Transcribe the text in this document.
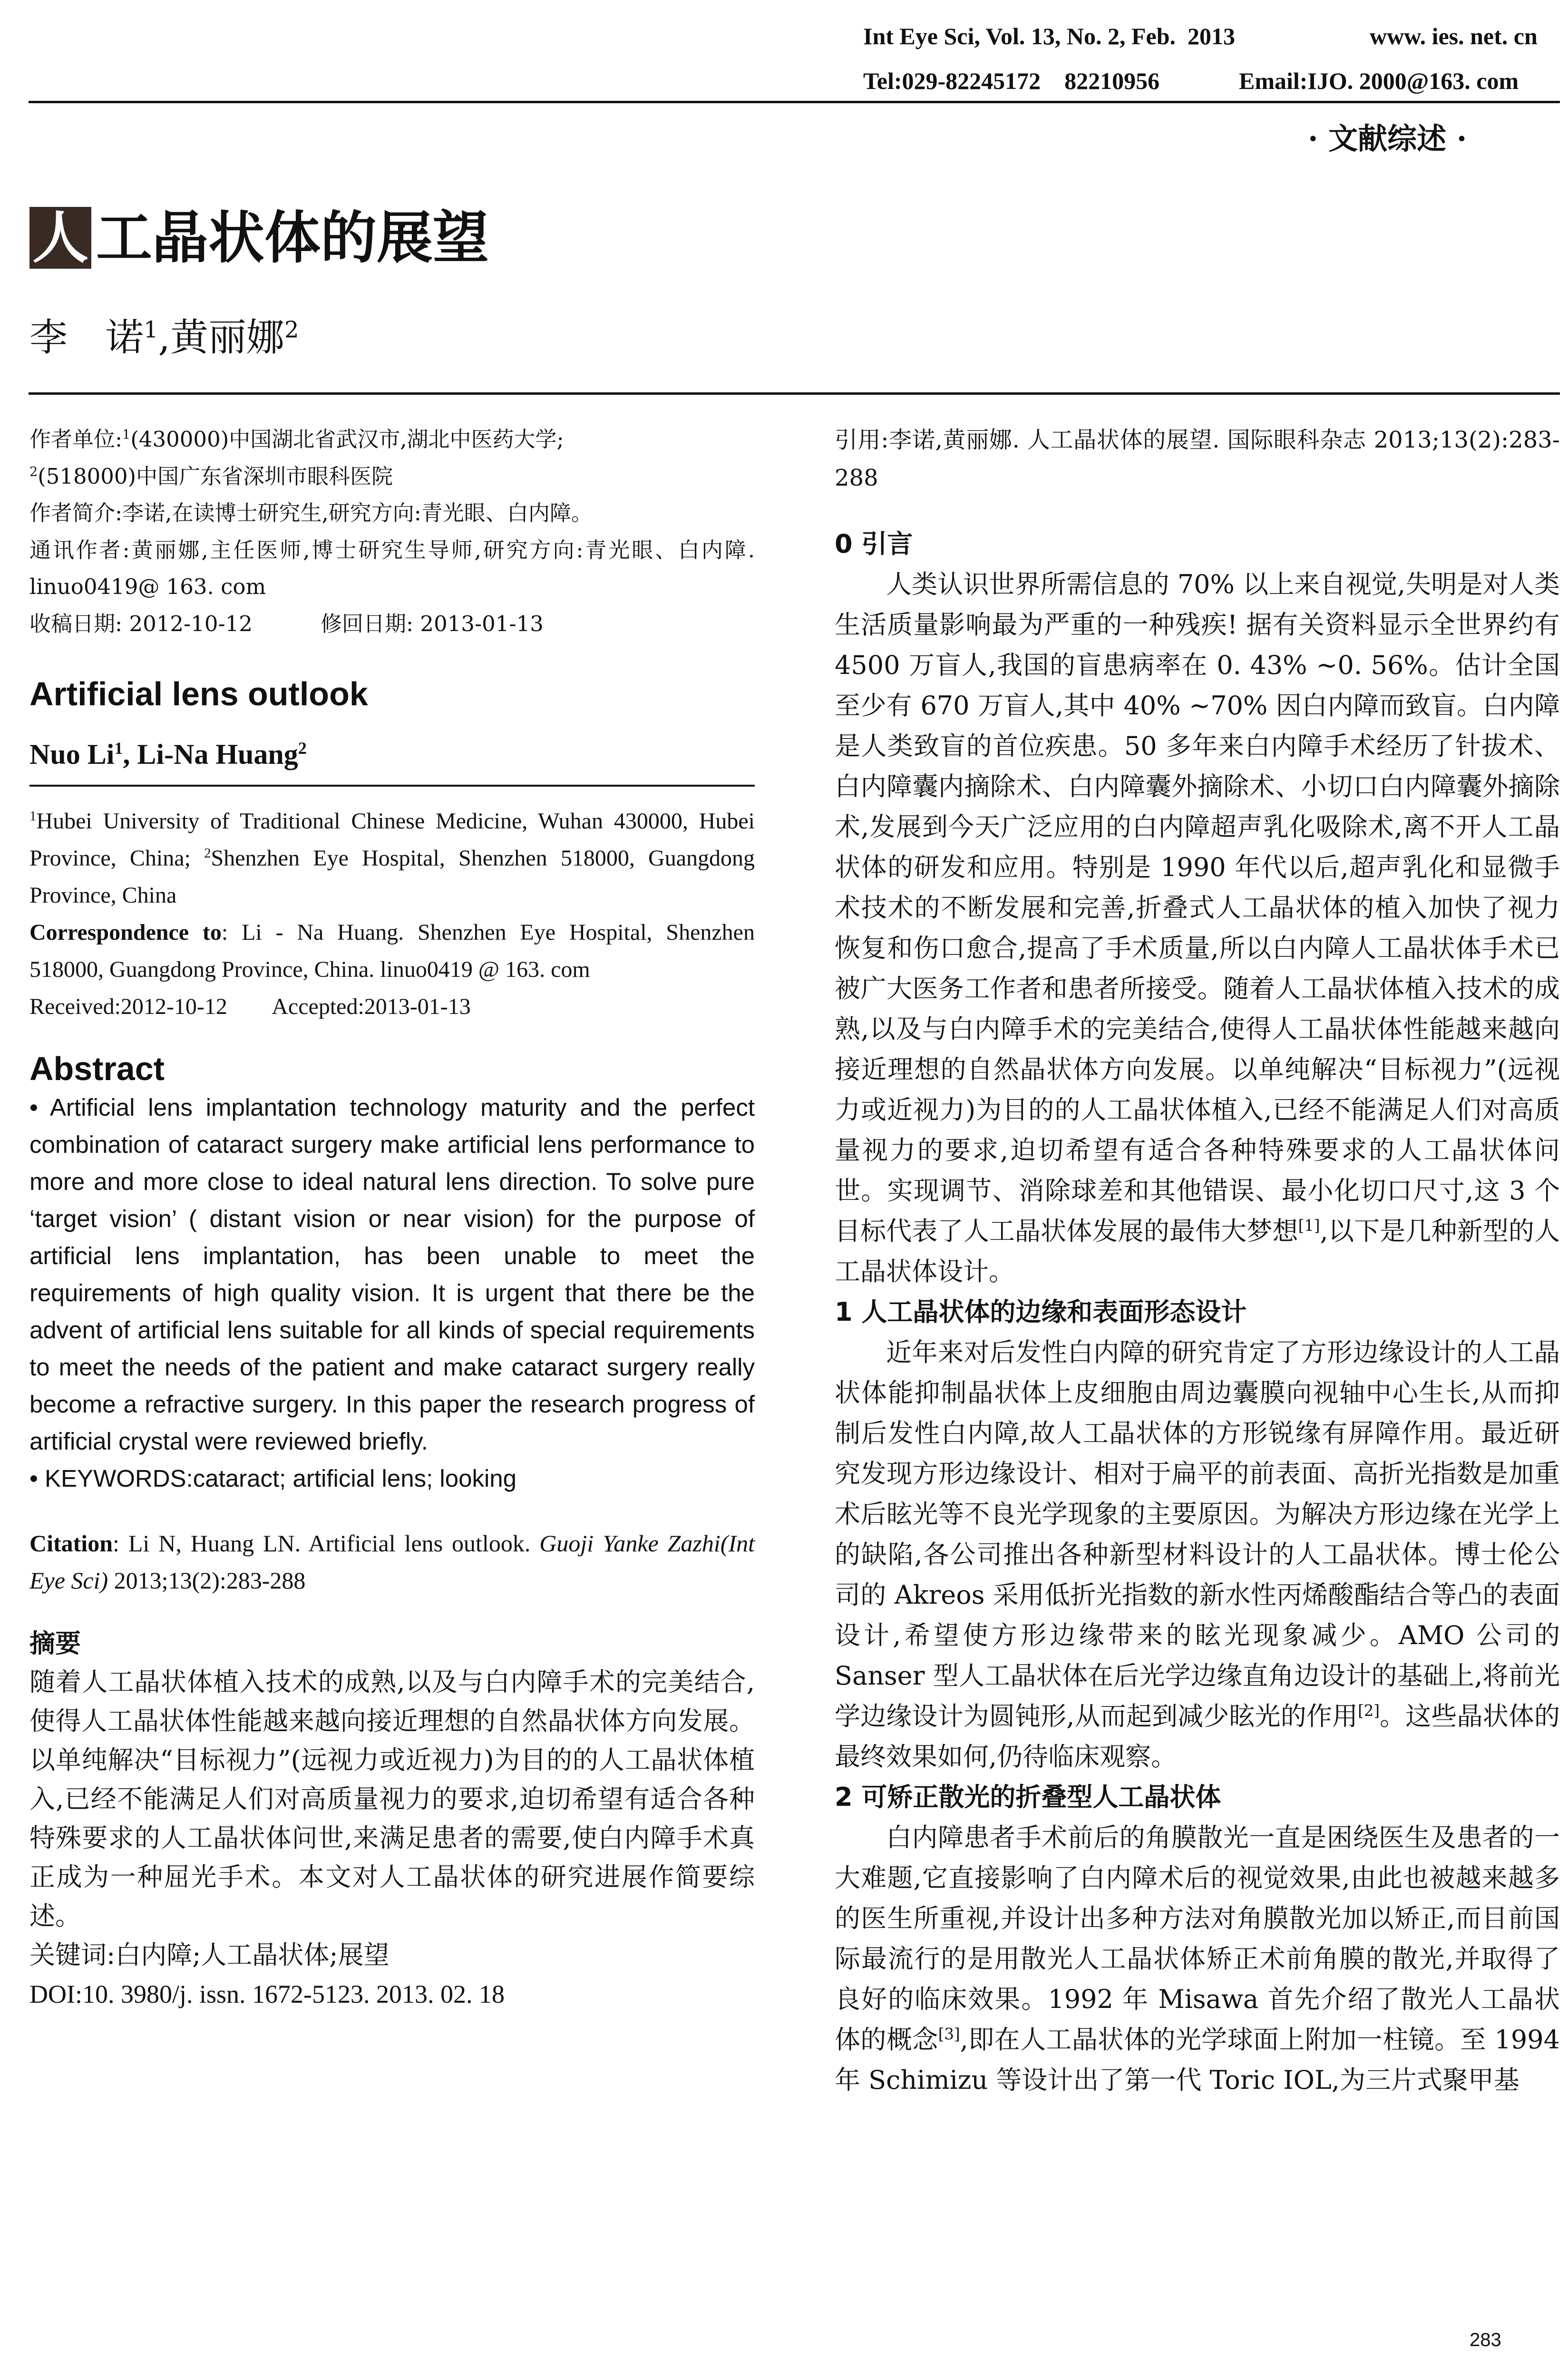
Int Eye Sci, Vol. 13, No. 2, Feb.  2013	www. ies. net. cn
Tel:029-82245172    82210956	Email:IJO. 2000@163. com
· 文献综述 ·
人 工晶状体的展望
李　诺$^1$,黄丽娜$^2$

作者单位:$^1$(430000)中国湖北省武汉市,湖北中医药大学;
$^2$(518000)中国广东省深圳市眼科医院

作者简介:李诺,在读博士研究生,研究方向:青光眼、白内障。

通讯作者:黄丽娜,主任医师,博士研究生导师,研究方向:青光眼、白内障. linuo0419@ 163. com

收稿日期: 2012-10-12	修回日期: 2013-01-13

Artificial lens outlook
Nuo Li$^1$, Li-Na Huang$^2$

$^1$Hubei University of Traditional Chinese Medicine, Wuhan 430000, Hubei Province, China; $^2$Shenzhen Eye Hospital, Shenzhen 518000, Guangdong Province, China

Correspondence to: Li - Na Huang. Shenzhen Eye Hospital, Shenzhen 518000, Guangdong Province, China. linuo0419 @ 163. com

Received:2012-10-12 Accepted:2013-01-13

Abstract

• Artificial lens implantation technology maturity and the perfect combination of cataract surgery make artificial lens performance to more and more close to ideal natural lens direction. To solve pure ‘target vision’ ( distant vision or near vision) for the purpose of artificial lens implantation, has been unable to meet the requirements of high quality vision. It is urgent that there be the advent of artificial lens suitable for all kinds of special requirements to meet the needs of the patient and make cataract surgery really become a refractive surgery. In this paper the research progress of artificial crystal were reviewed briefly.

• KEYWORDS:cataract; artificial lens; looking

Citation: Li N, Huang LN. Artificial lens outlook. Guoji Yanke Zazhi(Int Eye Sci) 2013;13(2):283-288

摘要

随着人工晶状体植入技术的成熟,以及与白内障手术的完美结合,使得人工晶状体性能越来越向接近理想的自然晶状体方向发展。以单纯解决“目标视力”(远视力或近视力)为目的的人工晶状体植入,已经不能满足人们对高质量视力的要求,迫切希望有适合各种特殊要求的人工晶状体问世,来满足患者的需要,使白内障手术真正成为一种屈光手术。本文对人工晶状体的研究进展作简要综述。

关键词:白内障;人工晶状体;展望

DOI:10. 3980/j. issn. 1672-5123. 2013. 02. 18

引用:李诺,黄丽娜. 人工晶状体的展望. 国际眼科杂志 2013;13(2):283-288

0 引言

人类认识世界所需信息的 70% 以上来自视觉,失明是对人类生活质量影响最为严重的一种残疾! 据有关资料显示全世界约有 4500 万盲人,我国的盲患病率在 0. 43% ~0. 56%。估计全国至少有 670 万盲人,其中 40% ~70% 因白内障而致盲。白内障是人类致盲的首位疾患。50 多年来白内障手术经历了针拔术、白内障囊内摘除术、白内障囊外摘除术、小切口白内障囊外摘除术,发展到今天广泛应用的白内障超声乳化吸除术,离不开人工晶状体的研发和应用。特别是 1990 年代以后,超声乳化和显微手术技术的不断发展和完善,折叠式人工晶状体的植入加快了视力恢复和伤口愈合,提高了手术质量,所以白内障人工晶状体手术已被广大医务工作者和患者所接受。随着人工晶状体植入技术的成熟,以及与白内障手术的完美结合,使得人工晶状体性能越来越向接近理想的自然晶状体方向发展。以单纯解决“目标视力”(远视力或近视力)为目的的人工晶状体植入,已经不能满足人们对高质量视力的要求,迫切希望有适合各种特殊要求的人工晶状体问世。实现调节、消除球差和其他错误、最小化切口尺寸,这 3 个目标代表了人工晶状体发展的最伟大梦想[1],以下是几种新型的人工晶状体设计。

1 人工晶状体的边缘和表面形态设计

近年来对后发性白内障的研究肯定了方形边缘设计的人工晶状体能抑制晶状体上皮细胞由周边囊膜向视轴中心生长,从而抑制后发性白内障,故人工晶状体的方形锐缘有屏障作用。最近研究发现方形边缘设计、相对于扁平的前表面、高折光指数是加重术后眩光等不良光学现象的主要原因。为解决方形边缘在光学上的缺陷,各公司推出各种新型材料设计的人工晶状体。博士伦公司的 Akreos 采用低折光指数的新水性丙烯酸酯结合等凸的表面设计,希望使方形边缘带来的眩光现象减少。AMO 公司的 Sanser 型人工晶状体在后光学边缘直角边设计的基础上,将前光学边缘设计为圆钝形,从而起到减少眩光的作用[2]。这些晶状体的最终效果如何,仍待临床观察。

2 可矫正散光的折叠型人工晶状体

白内障患者手术前后的角膜散光一直是困绕医生及患者的一大难题,它直接影响了白内障术后的视觉效果,由此也被越来越多的医生所重视,并设计出多种方法对角膜散光加以矫正,而目前国际最流行的是用散光人工晶状体矫正术前角膜的散光,并取得了良好的临床效果。1992 年 Misawa 首先介绍了散光人工晶状体的概念[3],即在人工晶状体的光学球面上附加一柱镜。至 1994 年 Schimizu 等设计出了第一代 Toric IOL,为三片式聚甲基

283
